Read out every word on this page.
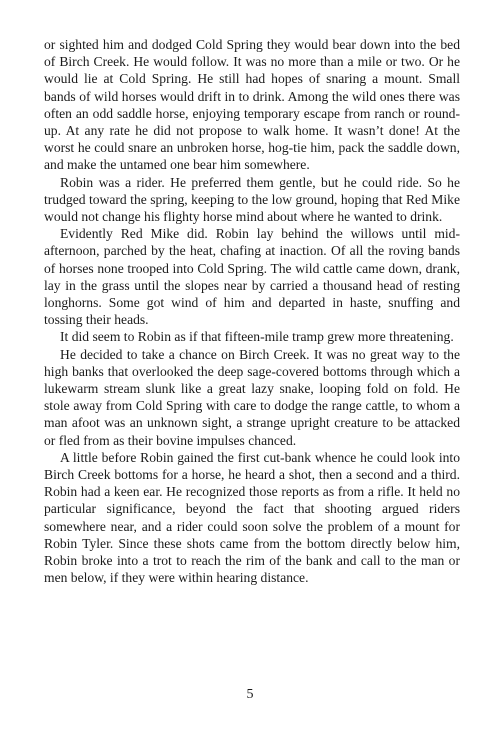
or sighted him and dodged Cold Spring they would bear down into the bed of Birch Creek. He would follow. It was no more than a mile or two. Or he would lie at Cold Spring. He still had hopes of snaring a mount. Small bands of wild horses would drift in to drink. Among the wild ones there was often an odd saddle horse, enjoying temporary escape from ranch or round-up. At any rate he did not propose to walk home. It wasn’t done! At the worst he could snare an unbroken horse, hog-tie him, pack the saddle down, and make the untamed one bear him somewhere.

Robin was a rider. He preferred them gentle, but he could ride. So he trudged toward the spring, keeping to the low ground, hoping that Red Mike would not change his flighty horse mind about where he wanted to drink.

Evidently Red Mike did. Robin lay behind the willows until mid-afternoon, parched by the heat, chafing at inaction. Of all the roving bands of horses none trooped into Cold Spring. The wild cattle came down, drank, lay in the grass until the slopes near by carried a thousand head of resting longhorns. Some got wind of him and departed in haste, snuffing and tossing their heads.

It did seem to Robin as if that fifteen-mile tramp grew more threatening.

He decided to take a chance on Birch Creek. It was no great way to the high banks that overlooked the deep sage-covered bottoms through which a lukewarm stream slunk like a great lazy snake, looping fold on fold. He stole away from Cold Spring with care to dodge the range cattle, to whom a man afoot was an unknown sight, a strange upright creature to be attacked or fled from as their bovine impulses chanced.

A little before Robin gained the first cut-bank whence he could look into Birch Creek bottoms for a horse, he heard a shot, then a second and a third. Robin had a keen ear. He recognized those reports as from a rifle. It held no particular significance, beyond the fact that shooting argued riders somewhere near, and a rider could soon solve the problem of a mount for Robin Tyler. Since these shots came from the bottom directly below him, Robin broke into a trot to reach the rim of the bank and call to the man or men below, if they were within hearing distance.

5
